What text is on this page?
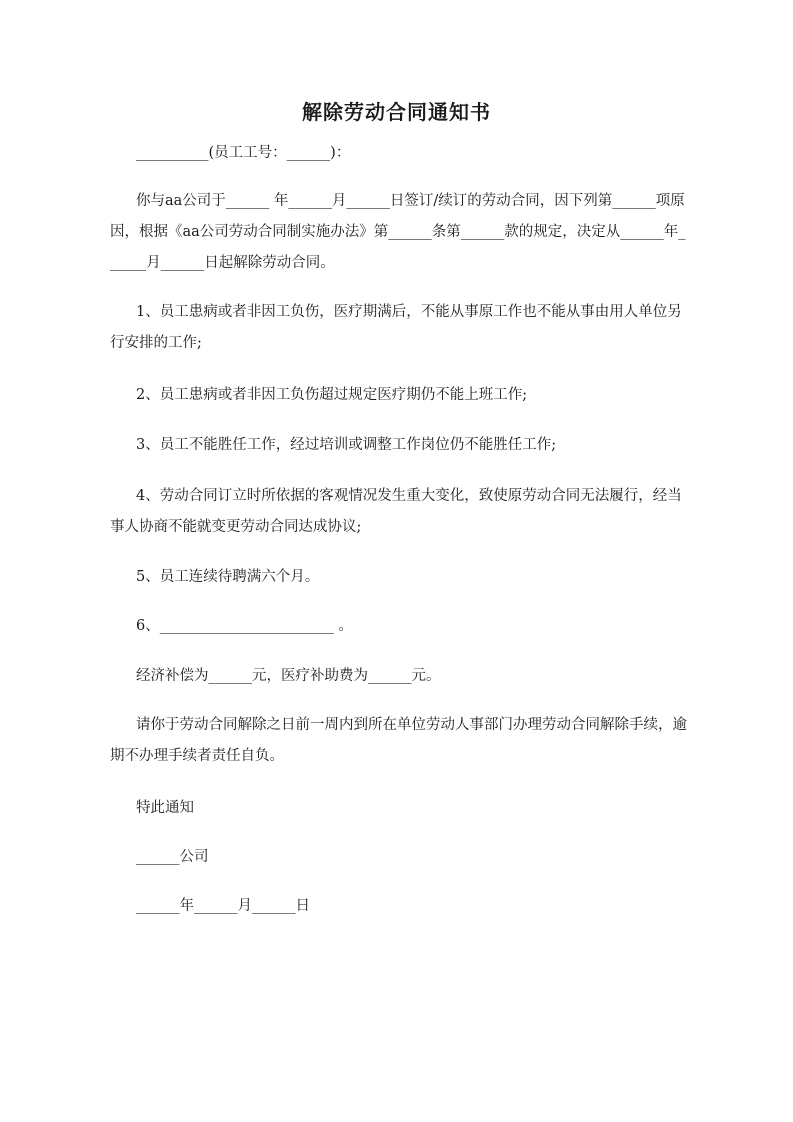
解除劳动合同通知书
__________(员工工号：______)：
你与aa公司于______ 年______月______日签订/续订的劳动合同，因下列第______项原因，根据《aa公司劳动合同制实施办法》第______条第______款的规定，决定从______年______月______日起解除劳动合同。
1、员工患病或者非因工负伤，医疗期满后，不能从事原工作也不能从事由用人单位另行安排的工作;
2、员工患病或者非因工负伤超过规定医疗期仍不能上班工作;
3、员工不能胜任工作，经过培训或调整工作岗位仍不能胜任工作;
4、劳动合同订立时所依据的客观情况发生重大变化，致使原劳动合同无法履行，经当事人协商不能就变更劳动合同达成协议;
5、员工连续待聘满六个月。
6、________________________ 。
经济补偿为______元，医疗补助费为______元。
请你于劳动合同解除之日前一周内到所在单位劳动人事部门办理劳动合同解除手续，逾期不办理手续者责任自负。
特此通知
______公司
______年______月______日
